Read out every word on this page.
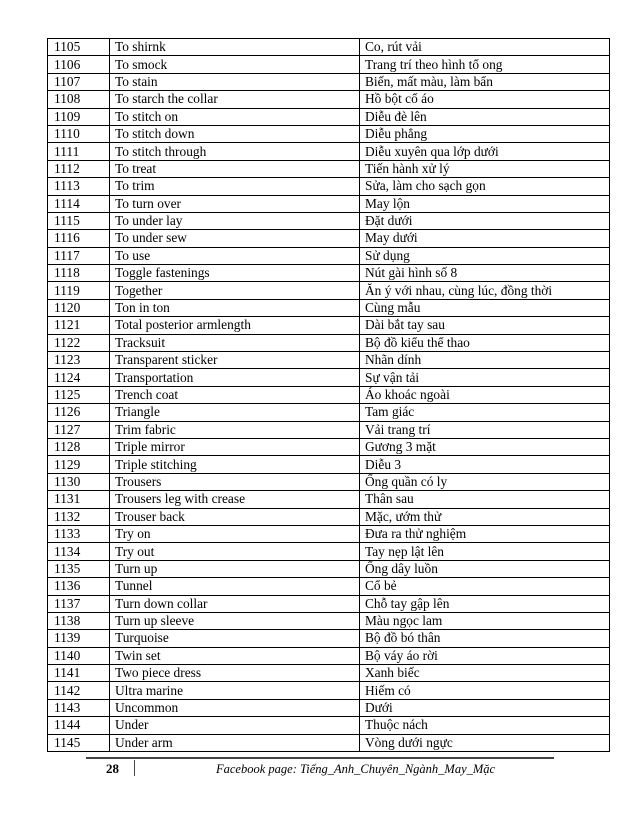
1105	To shirnk	Co, rút vải
1106	To smock	Trang trí theo hình tổ ong
1107	To stain	Biến, mất màu, làm bẩn
1108	To starch the collar	Hồ bột cổ áo
1109	To stitch on	Diễu đè lên
1110	To stitch down	Diễu phẳng
1111	To stitch through	Diễu xuyên qua lớp dưới
1112	To treat	Tiến hành xử lý
1113	To trim	Sửa, làm cho sạch gọn
1114	To turn over	May lộn
1115	To under lay	Đặt dưới
1116	To under sew	May dưới
1117	To use	Sử dụng
1118	Toggle fastenings	Nút gài hình số 8
1119	Together	Ăn ý với nhau, cùng lúc, đồng thời
1120	Ton in ton	Cùng mẫu
1121	Total posterior armlength	Dài bắt tay sau
1122	Tracksuit	Bộ đồ kiểu thể thao
1123	Transparent sticker	Nhãn dính
1124	Transportation	Sự vận tải
1125	Trench coat	Áo khoác ngoài
1126	Triangle	Tam giác
1127	Trim fabric	Vải trang trí
1128	Triple mirror	Gương 3 mặt
1129	Triple stitching	Diễu 3
1130	Trousers	Ống quần có ly
1131	Trousers leg with crease	Thân sau
1132	Trouser back	Mặc, ướm thử
1133	Try on	Đưa ra thử nghiệm
1134	Try out	Tay nẹp lật lên
1135	Turn up	Ống dây luồn
1136	Tunnel	Cổ bẻ
1137	Turn down collar	Chỗ tay gập lên
1138	Turn up sleeve	Màu ngọc lam
1139	Turquoise	Bộ đồ bó thân
1140	Twin set	Bộ váy áo rời
1141	Two piece dress	Xanh biếc
1142	Ultra marine	Hiếm có
1143	Uncommon	Dưới
1144	Under	Thuộc nách
1145	Under arm	Vòng dưới ngực
28	Facebook page: Tiếng_Anh_Chuyên_Ngành_May_Mặc
